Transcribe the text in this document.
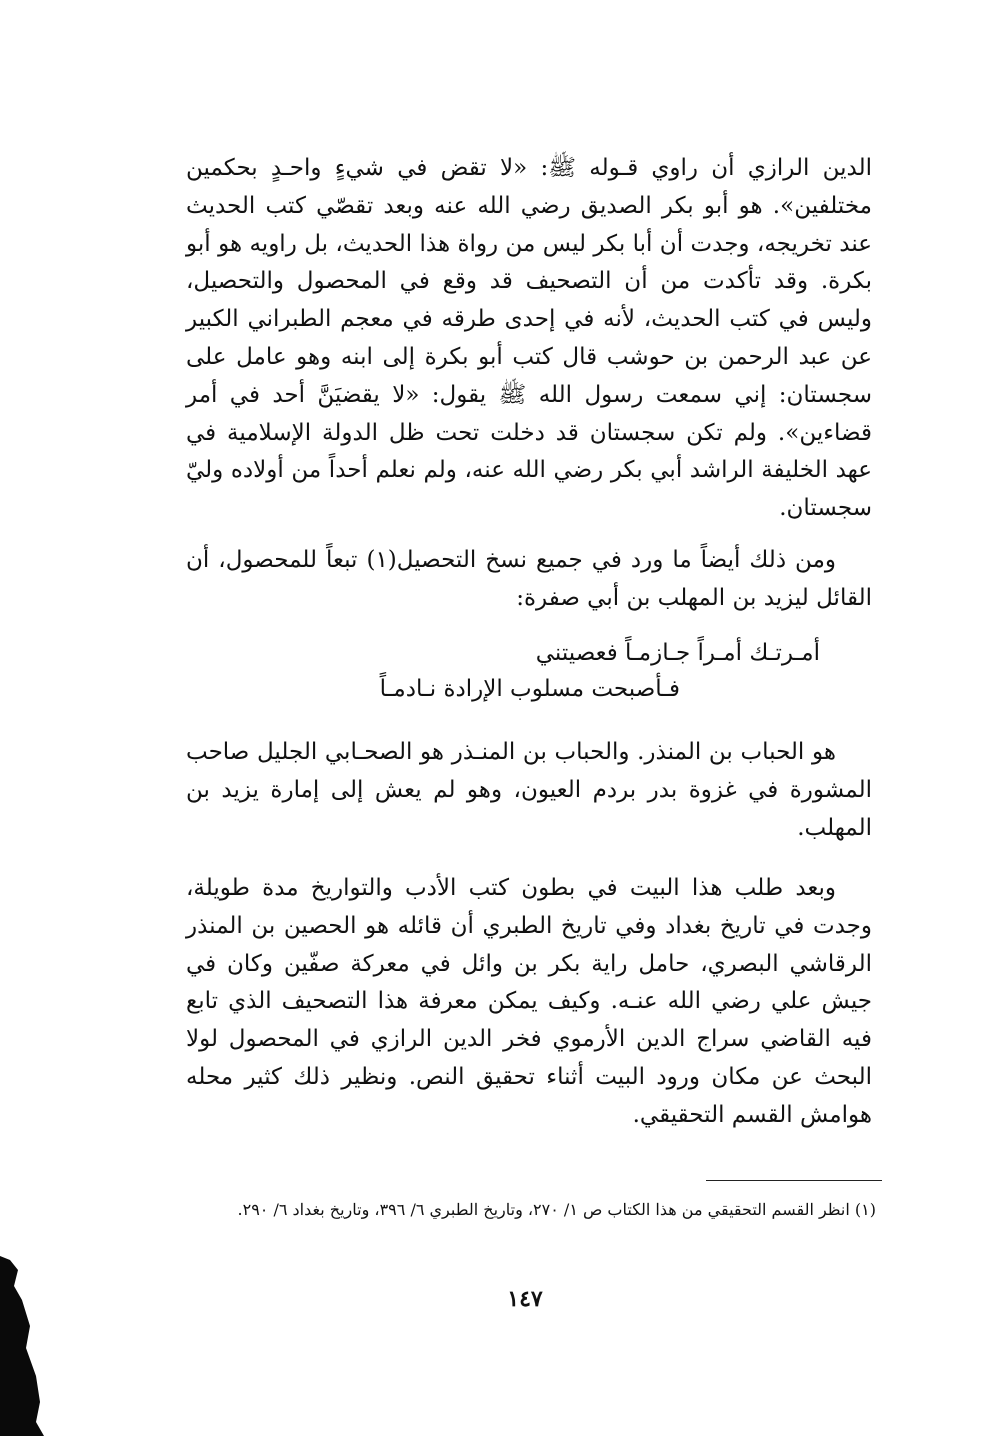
الدين الرازي أن راوي قـوله ﷺ: «لا تقض في شيءٍ واحـدٍ بحكمين مختلفين». هو أبو بكر الصديق رضي الله عنه وبعد تقصّي كتب الحديث عند تخريجه، وجدت أن أبا بكر ليس من رواة هذا الحديث، بل راويه هو أبو بكرة. وقد تأكدت من أن التصحيف قد وقع في المحصول والتحصيل، وليس في كتب الحديث، لأنه في إحدى طرقه في معجم الطبراني الكبير عن عبد الرحمن بن حوشب قال كتب أبو بكرة إلى ابنه وهو عامل على سجستان: إني سمعت رسول الله ﷺ يقول: «لا يقضيَنَّ أحد في أمر قضاءين». ولم تكن سجستان قد دخلت تحت ظل الدولة الإسلامية في عهد الخليفة الراشد أبي بكر رضي الله عنه، ولم نعلم أحداً من أولاده وليّ سجستان.

ومن ذلك أيضاً ما ورد في جميع نسخ التحصيل(١) تبعاً للمحصول، أن القائل ليزيد بن المهلب بن أبي صفرة:

أمـرتـك أمـراً جـازمـاً فعصيتني

فـأصبحت مسلوب الإرادة نـادمـاً

هو الحباب بن المنذر. والحباب بن المنـذر هو الصحـابي الجليل صاحب المشورة في غزوة بدر بردم العيون، وهو لم يعش إلى إمارة يزيد بن المهلب.

وبعد طلب هذا البيت في بطون كتب الأدب والتواريخ مدة طويلة، وجدت في تاريخ بغداد وفي تاريخ الطبري أن قائله هو الحصين بن المنذر الرقاشي البصري، حامل راية بكر بن وائل في معركة صفّين وكان في جيش علي رضي الله عنـه. وكيف يمكن معرفة هذا التصحيف الذي تابع فيه القاضي سراج الدين الأرموي فخر الدين الرازي في المحصول لولا البحث عن مكان ورود البيت أثناء تحقيق النص. ونظير ذلك كثير محله هوامش القسم التحقيقي.

(١) انظر القسم التحقيقي من هذا الكتاب ص ١/ ٢٧٠، وتاريخ الطبري ٦/ ٣٩٦، وتاريخ بغداد ٦/ ٢٩٠.

١٤٧
